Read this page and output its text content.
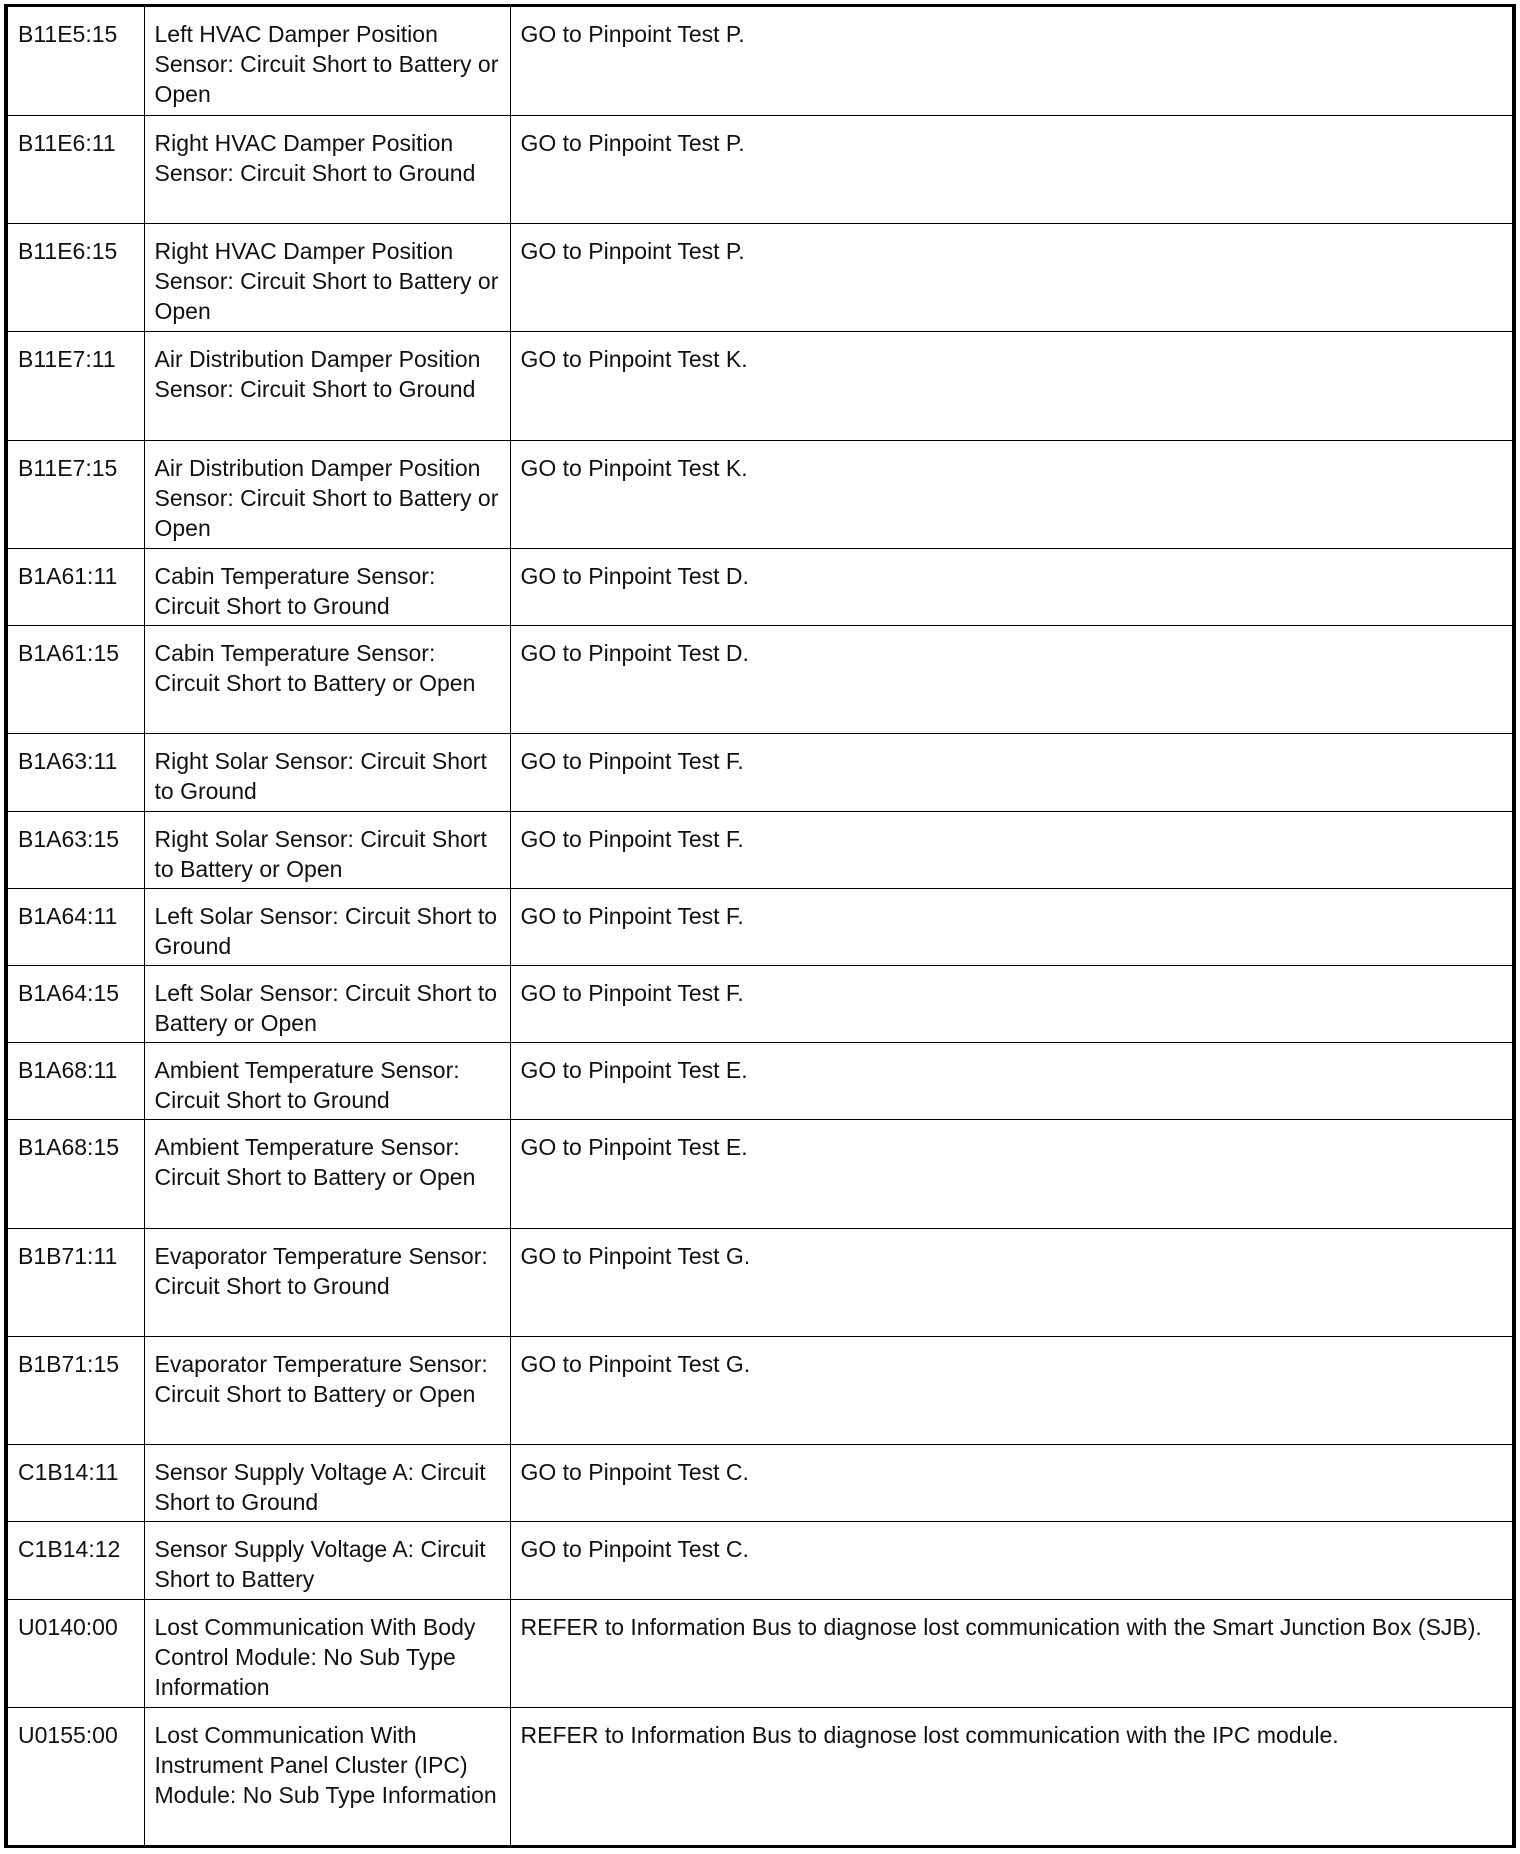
B11E5:15	Left HVAC Damper Position Sensor: Circuit Short to Battery or Open	GO to Pinpoint Test P.
B11E6:11	Right HVAC Damper Position Sensor: Circuit Short to Ground	GO to Pinpoint Test P.
B11E6:15	Right HVAC Damper Position Sensor: Circuit Short to Battery or Open	GO to Pinpoint Test P.
B11E7:11	Air Distribution Damper Position Sensor: Circuit Short to Ground	GO to Pinpoint Test K.
B11E7:15	Air Distribution Damper Position Sensor: Circuit Short to Battery or Open	GO to Pinpoint Test K.
B1A61:11	Cabin Temperature Sensor: Circuit Short to Ground	GO to Pinpoint Test D.
B1A61:15	Cabin Temperature Sensor: Circuit Short to Battery or Open	GO to Pinpoint Test D.
B1A63:11	Right Solar Sensor: Circuit Short to Ground	GO to Pinpoint Test F.
B1A63:15	Right Solar Sensor: Circuit Short to Battery or Open	GO to Pinpoint Test F.
B1A64:11	Left Solar Sensor: Circuit Short to Ground	GO to Pinpoint Test F.
B1A64:15	Left Solar Sensor: Circuit Short to Battery or Open	GO to Pinpoint Test F.
B1A68:11	Ambient Temperature Sensor: Circuit Short to Ground	GO to Pinpoint Test E.
B1A68:15	Ambient Temperature Sensor: Circuit Short to Battery or Open	GO to Pinpoint Test E.
B1B71:11	Evaporator Temperature Sensor: Circuit Short to Ground	GO to Pinpoint Test G.
B1B71:15	Evaporator Temperature Sensor: Circuit Short to Battery or Open	GO to Pinpoint Test G.
C1B14:11	Sensor Supply Voltage A: Circuit Short to Ground	GO to Pinpoint Test C.
C1B14:12	Sensor Supply Voltage A: Circuit Short to Battery	GO to Pinpoint Test C.
U0140:00	Lost Communication With Body Control Module: No Sub Type Information	REFER to Information Bus to diagnose lost communication with the Smart Junction Box (SJB).
U0155:00	Lost Communication With Instrument Panel Cluster (IPC) Module: No Sub Type Information	REFER to Information Bus to diagnose lost communication with the IPC module.
